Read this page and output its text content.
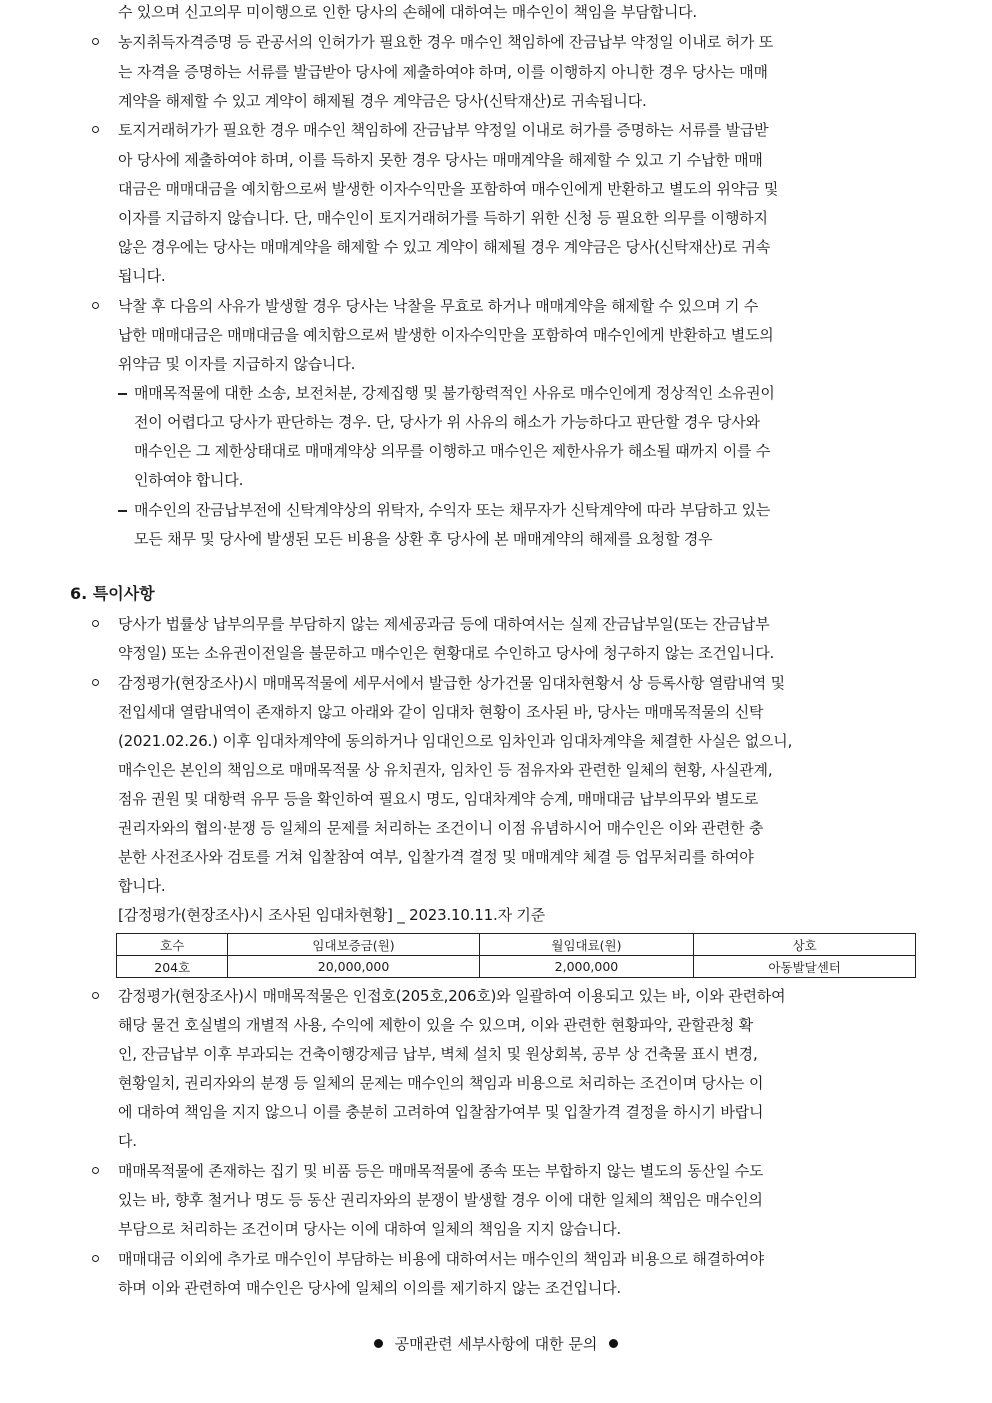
수 있으며 신고의무 미이행으로 인한 당사의 손해에 대하여는 매수인이 책임을 부담합니다.
농지취득자격증명 등 관공서의 인허가가 필요한 경우 매수인 책임하에 잔금납부 약정일 이내로 허가 또
는 자격을 증명하는 서류를 발급받아 당사에 제출하여야 하며, 이를 이행하지 아니한 경우 당사는 매매
계약을 해제할 수 있고 계약이 해제될 경우 계약금은 당사(신탁재산)로 귀속됩니다.
토지거래허가가 필요한 경우 매수인 책임하에 잔금납부 약정일 이내로 허가를 증명하는 서류를 발급받
아 당사에 제출하여야 하며, 이를 득하지 못한 경우 당사는 매매계약을 해제할 수 있고 기 수납한 매매
대금은 매매대금을 예치함으로써 발생한 이자수익만을 포함하여 매수인에게 반환하고 별도의 위약금 및
이자를 지급하지 않습니다. 단, 매수인이 토지거래허가를 득하기 위한 신청 등 필요한 의무를 이행하지
않은 경우에는 당사는 매매계약을 해제할 수 있고 계약이 해제될 경우 계약금은 당사(신탁재산)로 귀속
됩니다.
낙찰 후 다음의 사유가 발생할 경우 당사는 낙찰을 무효로 하거나 매매계약을 해제할 수 있으며 기 수
납한 매매대금은 매매대금을 예치함으로써 발생한 이자수익만을 포함하여 매수인에게 반환하고 별도의
위약금 및 이자를 지급하지 않습니다.
매매목적물에 대한 소송, 보전처분, 강제집행 및 불가항력적인 사유로 매수인에게 정상적인 소유권이
전이 어렵다고 당사가 판단하는 경우. 단, 당사가 위 사유의 해소가 가능하다고 판단할 경우 당사와
매수인은 그 제한상태대로 매매계약상 의무를 이행하고 매수인은 제한사유가 해소될 때까지 이를 수
인하여야 합니다.
매수인의 잔금납부전에 신탁계약상의 위탁자, 수익자 또는 채무자가 신탁계약에 따라 부담하고 있는
모든 채무 및 당사에 발생된 모든 비용을 상환 후 당사에 본 매매계약의 해제를 요청할 경우
6. 특이사항
당사가 법률상 납부의무를 부담하지 않는 제세공과금 등에 대하여서는 실제 잔금납부일(또는 잔금납부
약정일) 또는 소유권이전일을 불문하고 매수인은 현황대로 수인하고 당사에 청구하지 않는 조건입니다.
감정평가(현장조사)시 매매목적물에 세무서에서 발급한 상가건물 임대차현황서 상 등록사항 열람내역 및
전입세대 열람내역이 존재하지 않고 아래와 같이 임대차 현황이 조사된 바, 당사는 매매목적물의 신탁
(2021.02.26.) 이후 임대차계약에 동의하거나 임대인으로 임차인과 임대차계약을 체결한 사실은 없으니,
매수인은 본인의 책임으로 매매목적물 상 유치권자, 임차인 등 점유자와 관련한 일체의 현황, 사실관계,
점유 권원 및 대항력 유무 등을 확인하여 필요시 명도, 임대차계약 승계, 매매대금 납부의무와 별도로
권리자와의 협의·분쟁 등 일체의 문제를 처리하는 조건이니 이점 유념하시어 매수인은 이와 관련한 충
분한 사전조사와 검토를 거쳐 입찰참여 여부, 입찰가격 결정 및 매매계약 체결 등 업무처리를 하여야
합니다.
[감정평가(현장조사)시 조사된 임대차현황] _ 2023.10.11.자 기준
호수	임대보증금(원)	월임대료(원)	상호
204호	20,000,000	2,000,000	아동발달센터
감정평가(현장조사)시 매매목적물은 인접호(205호,206호)와 일괄하여 이용되고 있는 바, 이와 관련하여
해당 물건 호실별의 개별적 사용, 수익에 제한이 있을 수 있으며, 이와 관련한 현황파악, 관할관청 확
인, 잔금납부 이후 부과되는 건축이행강제금 납부, 벽체 설치 및 원상회복, 공부 상 건축물 표시 변경,
현황일치, 권리자와의 분쟁 등 일체의 문제는 매수인의 책임과 비용으로 처리하는 조건이며 당사는 이
에 대하여 책임을 지지 않으니 이를 충분히 고려하여 입찰참가여부 및 입찰가격 결정을 하시기 바랍니
다.
매매목적물에 존재하는 집기 및 비품 등은 매매목적물에 종속 또는 부합하지 않는 별도의 동산일 수도
있는 바, 향후 철거나 명도 등 동산 권리자와의 분쟁이 발생할 경우 이에 대한 일체의 책임은 매수인의
부담으로 처리하는 조건이며 당사는 이에 대하여 일체의 책임을 지지 않습니다.
매매대금 이외에 추가로 매수인이 부담하는 비용에 대하여서는 매수인의 책임과 비용으로 해결하여야
하며 이와 관련하여 매수인은 당사에 일체의 이의를 제기하지 않는 조건입니다.
공매관련 세부사항에 대한 문의
